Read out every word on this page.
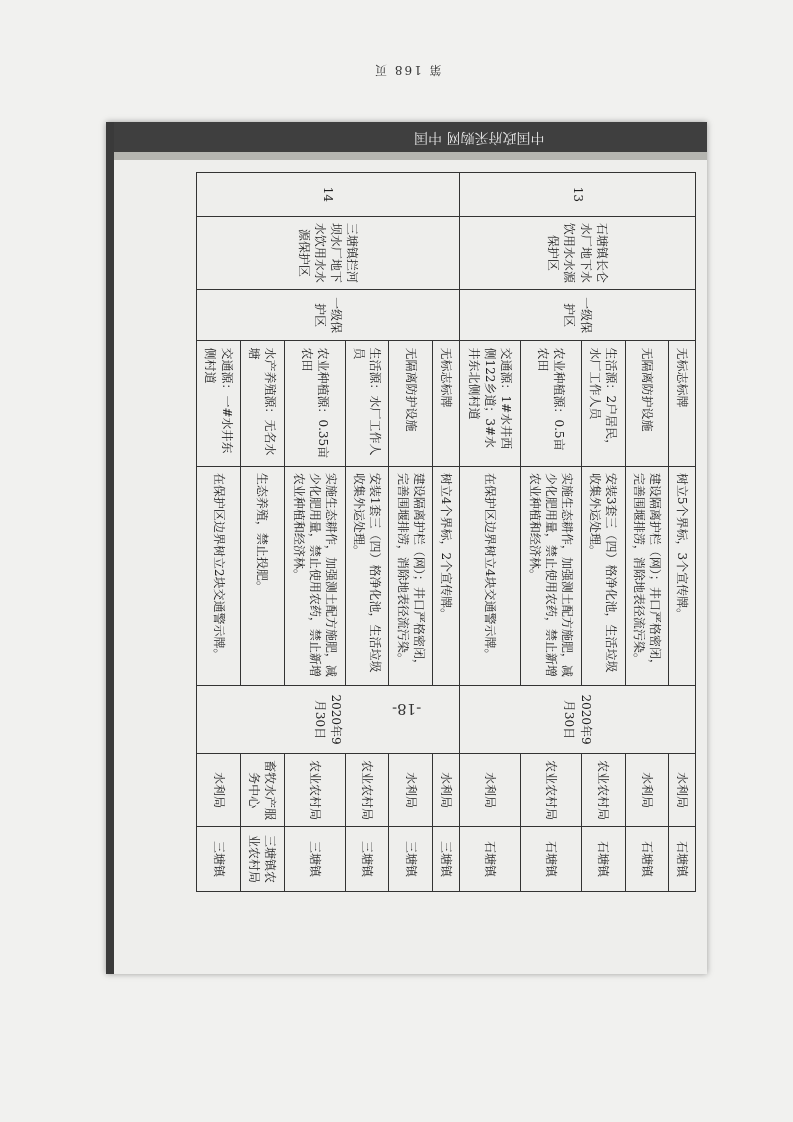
第 168 页
中国政府采购网 中国
13	石塘镇长仑水厂地下水饮用水水源保护区	一级保护区	无标志标牌	树立5个界标，3个宣传牌。	2020年9月30日	水利局	石塘镇
			无隔离防护设施	建设隔离护栏（网）；井口严格密闭，完善围堰排涝，消除地表径流污染。		水利局	石塘镇
			生活源：2户居民，水厂工作人员	安装3套三（四）格净化池，生活垃圾收集外运处理。		农业农村局	石塘镇
			农业种植源：0.5亩农田	实施生态耕作，加强测土配方施肥，减少化肥用量，禁止使用农药，禁止新增农业种植和经济林。		农业农村局	石塘镇
			交通源：1#水井西侧122乡道；3#水井东北侧村道	在保护区边界树立4块交通警示牌。		水利局	石塘镇
14	三塘镇拦河坝水厂地下水饮用水水源保护区	一级保护区	无标志标牌	树立4个界标，2个宣传牌。	2020年9月30日	水利局	三塘镇
			无隔离防护设施	建设隔离护栏（网）；井口严格密闭，完善围堰排涝，消除地表径流污染。		水利局	三塘镇
			生活源：水厂工作人员	安装1套三（四）格净化池，生活垃圾收集外运处理。		农业农村局	三塘镇
			农业种植源：0.35亩农田	实施生态耕作，加强测土配方施肥，减少化肥用量，禁止使用农药，禁止新增农业种植和经济林。		农业农村局	三塘镇
			水产养殖源：无名水塘	生态养殖，禁止投肥。		畜牧水产服务中心	三塘镇农业农村局
			交通源：一#水井东侧村道	在保护区边界树立2块交通警示牌。		水利局	三塘镇
-18-
